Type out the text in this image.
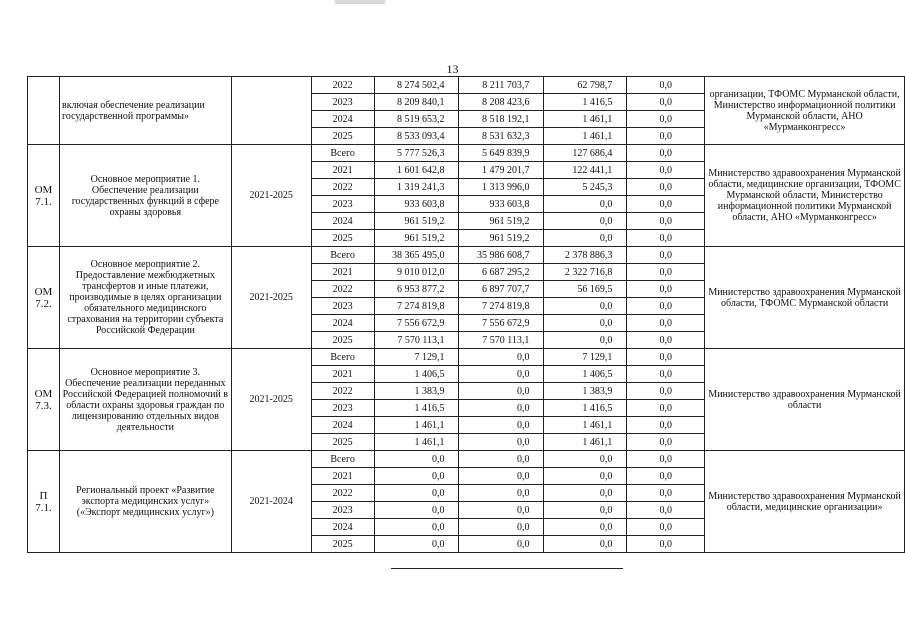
13
	включая обеспечение реализации государственной программы»		2022	8 274 502,4	8 211 703,7	62 798,7	0,0	организации, ТФОМС Мурманской области, Министерство информационной политики Мурманской области, АНО «Мурманконгресс»
			2023	8 209 840,1	8 208 423,6	1 416,5	0,0	
			2024	8 519 653,2	8 518 192,1	1 461,1	0,0	
			2025	8 533 093,4	8 531 632,3	1 461,1	0,0	
ОМ 7.1.	Основное мероприятие 1. Обеспечение реализации государственных функций в сфере охраны здоровья	2021-2025	Всего	5 777 526,3	5 649 839,9	127 686,4	0,0	Министерство здравоохранения Мурманской области, медицинские организации, ТФОМС Мурманской области, Министерство информационной политики Мурманской области, АНО «Мурманконгресс»
			2021	1 601 642,8	1 479 201,7	122 441,1	0,0	
			2022	1 319 241,3	1 313 996,0	5 245,3	0,0	
			2023	933 603,8	933 603,8	0,0	0,0	
			2024	961 519,2	961 519,2	0,0	0,0	
			2025	961 519,2	961 519,2	0,0	0,0	
ОМ 7.2.	Основное мероприятие 2. Предоставление межбюджетных трансфертов и иные платежи, производимые в целях организации обязательного медицинского страхования на территории субъекта Российской Федерации	2021-2025	Всего	38 365 495,0	35 986 608,7	2 378 886,3	0,0	Министерство здравоохранения Мурманской области, ТФОМС Мурманской области
			2021	9 010 012,0	6 687 295,2	2 322 716,8	0,0	
			2022	6 953 877,2	6 897 707,7	56 169,5	0,0	
			2023	7 274 819,8	7 274 819,8	0,0	0,0	
			2024	7 556 672,9	7 556 672,9	0,0	0,0	
			2025	7 570 113,1	7 570 113,1	0,0	0,0	
ОМ 7.3.	Основное мероприятие 3. Обеспечение реализации переданных Российской Федерацией полномочий в области охраны здоровья граждан по лицензированию отдельных видов деятельности	2021-2025	Всего	7 129,1	0,0	7 129,1	0,0	Министерство здравоохранения Мурманской области
			2021	1 406,5	0,0	1 406,5	0,0	
			2022	1 383,9	0,0	1 383,9	0,0	
			2023	1 416,5	0,0	1 416,5	0,0	
			2024	1 461,1	0,0	1 461,1	0,0	
			2025	1 461,1	0,0	1 461,1	0,0	
П 7.1.	Региональный проект «Развитие экспорта медицинских услуг» («Экспорт медицинских услуг»)	2021-2024	Всего	0,0	0,0	0,0	0,0	Министерство здравоохранения Мурманской области, медицинские организации»
			2021	0,0	0,0	0,0	0,0	
			2022	0,0	0,0	0,0	0,0	
			2023	0,0	0,0	0,0	0,0	
			2024	0,0	0,0	0,0	0,0	
			2025	0,0	0,0	0,0	0,0	
